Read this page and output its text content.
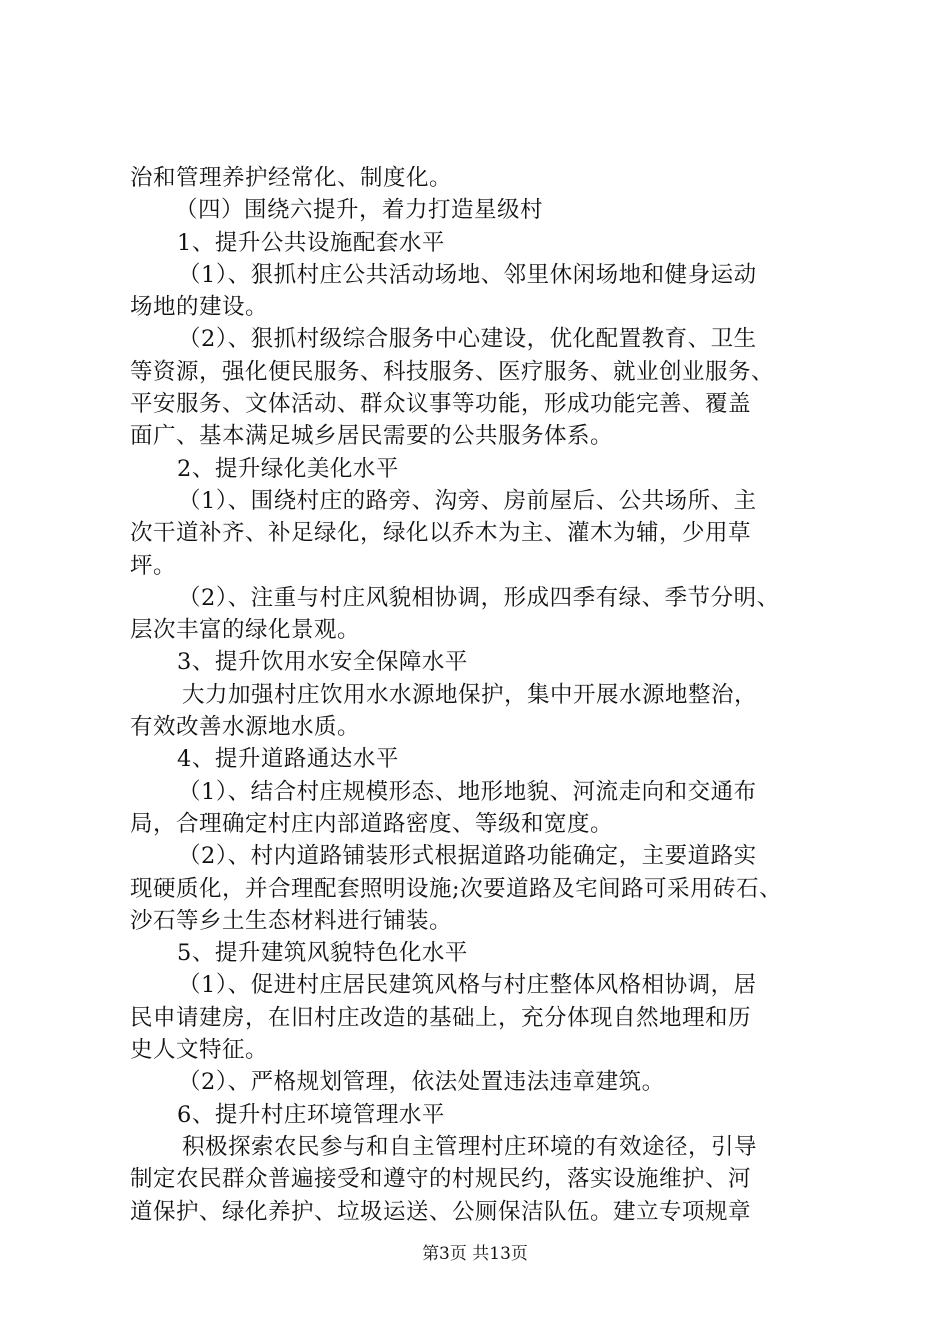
治和管理养护经常化、制度化。
（四）围绕六提升，着力打造星级村
1、提升公共设施配套水平
（1）、狠抓村庄公共活动场地、邻里休闲场地和健身运动
场地的建设。
（2）、狠抓村级综合服务中心建设，优化配置教育、卫生
等资源，强化便民服务、科技服务、医疗服务、就业创业服务、
平安服务、文体活动、群众议事等功能，形成功能完善、覆盖
面广、基本满足城乡居民需要的公共服务体系。
2、提升绿化美化水平
（1）、围绕村庄的路旁、沟旁、房前屋后、公共场所、主
次干道补齐、补足绿化，绿化以乔木为主、灌木为辅，少用草
坪。
（2）、注重与村庄风貌相协调，形成四季有绿、季节分明、
层次丰富的绿化景观。
3、提升饮用水安全保障水平
大力加强村庄饮用水水源地保护，集中开展水源地整治，
有效改善水源地水质。
4、提升道路通达水平
（1）、结合村庄规模形态、地形地貌、河流走向和交通布
局，合理确定村庄内部道路密度、等级和宽度。
（2）、村内道路铺装形式根据道路功能确定，主要道路实
现硬质化，并合理配套照明设施;次要道路及宅间路可采用砖石、
沙石等乡土生态材料进行铺装。
5、提升建筑风貌特色化水平
（1）、促进村庄居民建筑风格与村庄整体风格相协调，居
民申请建房，在旧村庄改造的基础上，充分体现自然地理和历
史人文特征。
（2）、严格规划管理，依法处置违法违章建筑。
6、提升村庄环境管理水平
积极探索农民参与和自主管理村庄环境的有效途径，引导
制定农民群众普遍接受和遵守的村规民约，落实设施维护、河
道保护、绿化养护、垃圾运送、公厕保洁队伍。建立专项规章
第3页 共13页
